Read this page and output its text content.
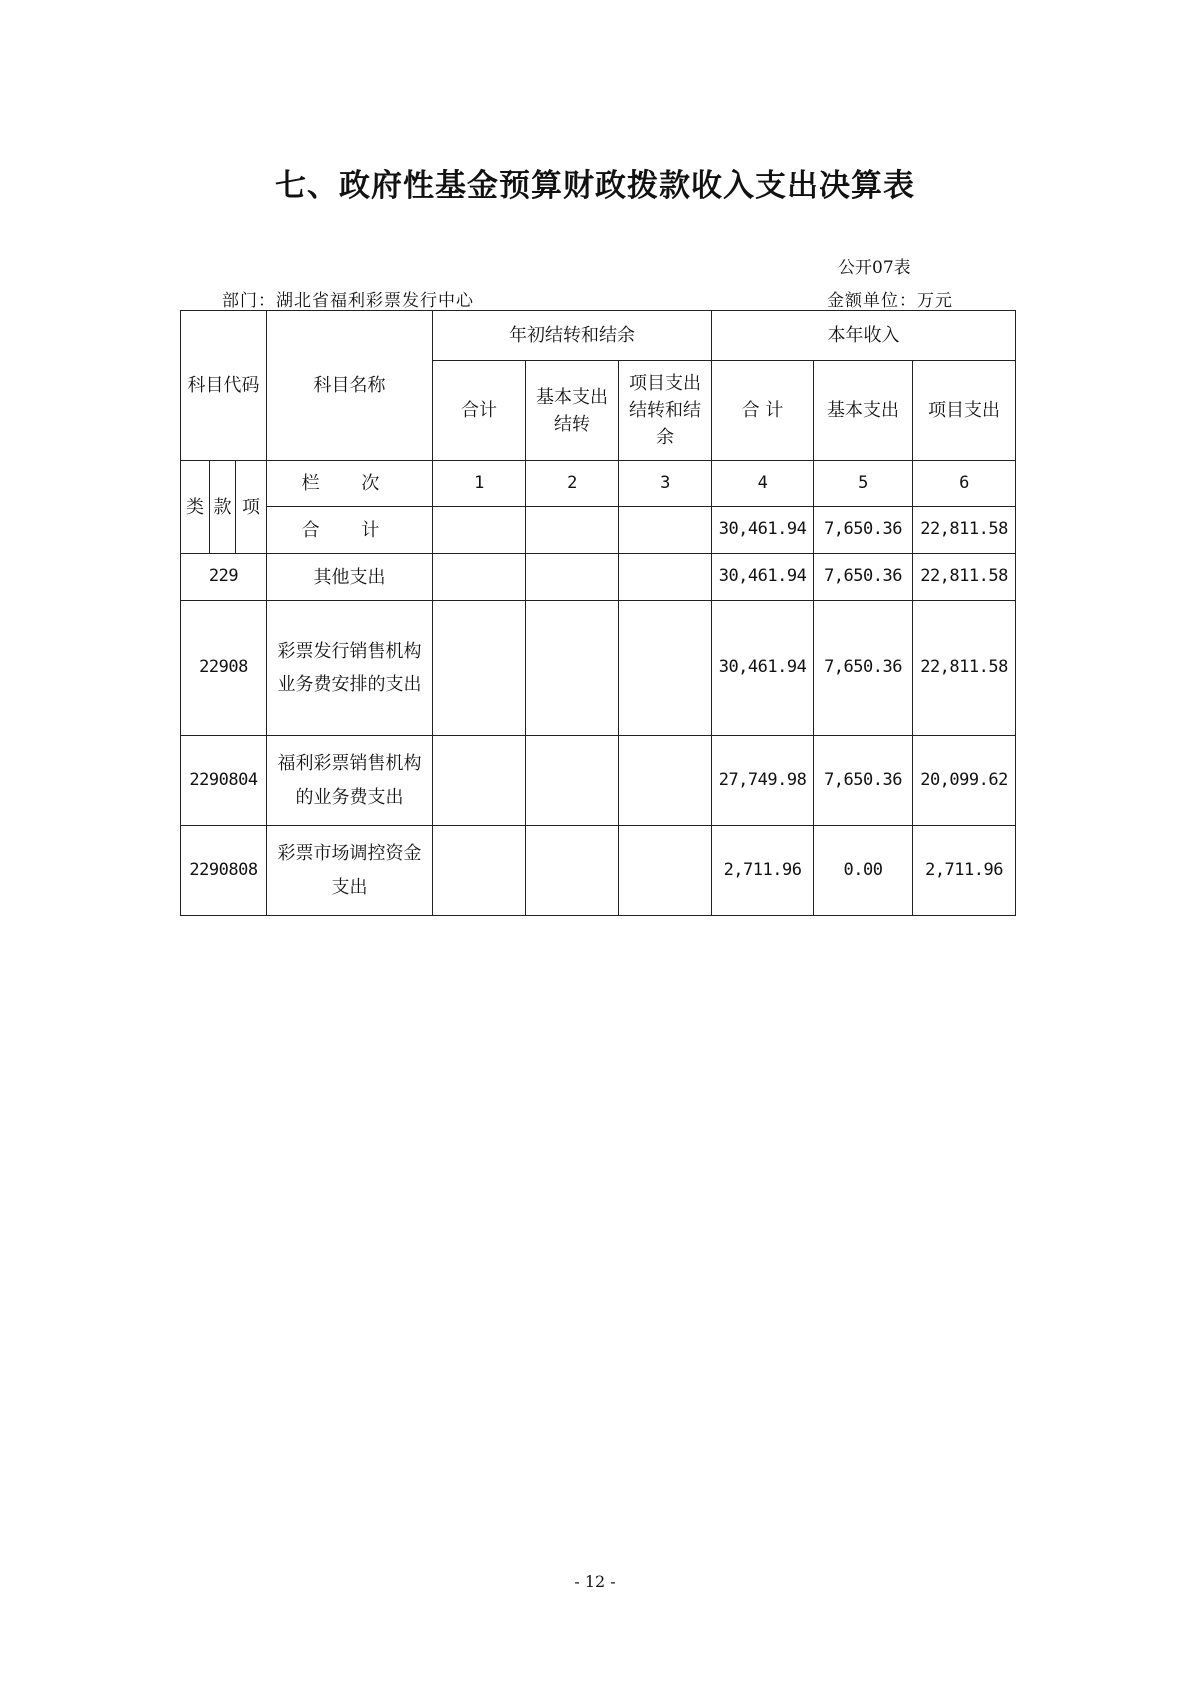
七、政府性基金预算财政拨款收入支出决算表
公开07表
部门：湖北省福利彩票发行中心	金额单位：万元
科目代码			科目名称	年初结转和结余			本年收入		
				合计	基本支出结转	项目支出结转和结余	合 计	基本支出	项目支出
类	款	项	栏 次	1	2	3	4	5	6
			合 计				30,461.94	7,650.36	22,811.58
229			其他支出				30,461.94	7,650.36	22,811.58
22908			彩票发行销售机构业务费安排的支出				30,461.94	7,650.36	22,811.58
2290804			福利彩票销售机构的业务费支出				27,749.98	7,650.36	20,099.62
2290808			彩票市场调控资金支出				2,711.96	0.00	2,711.96
- 12 -
